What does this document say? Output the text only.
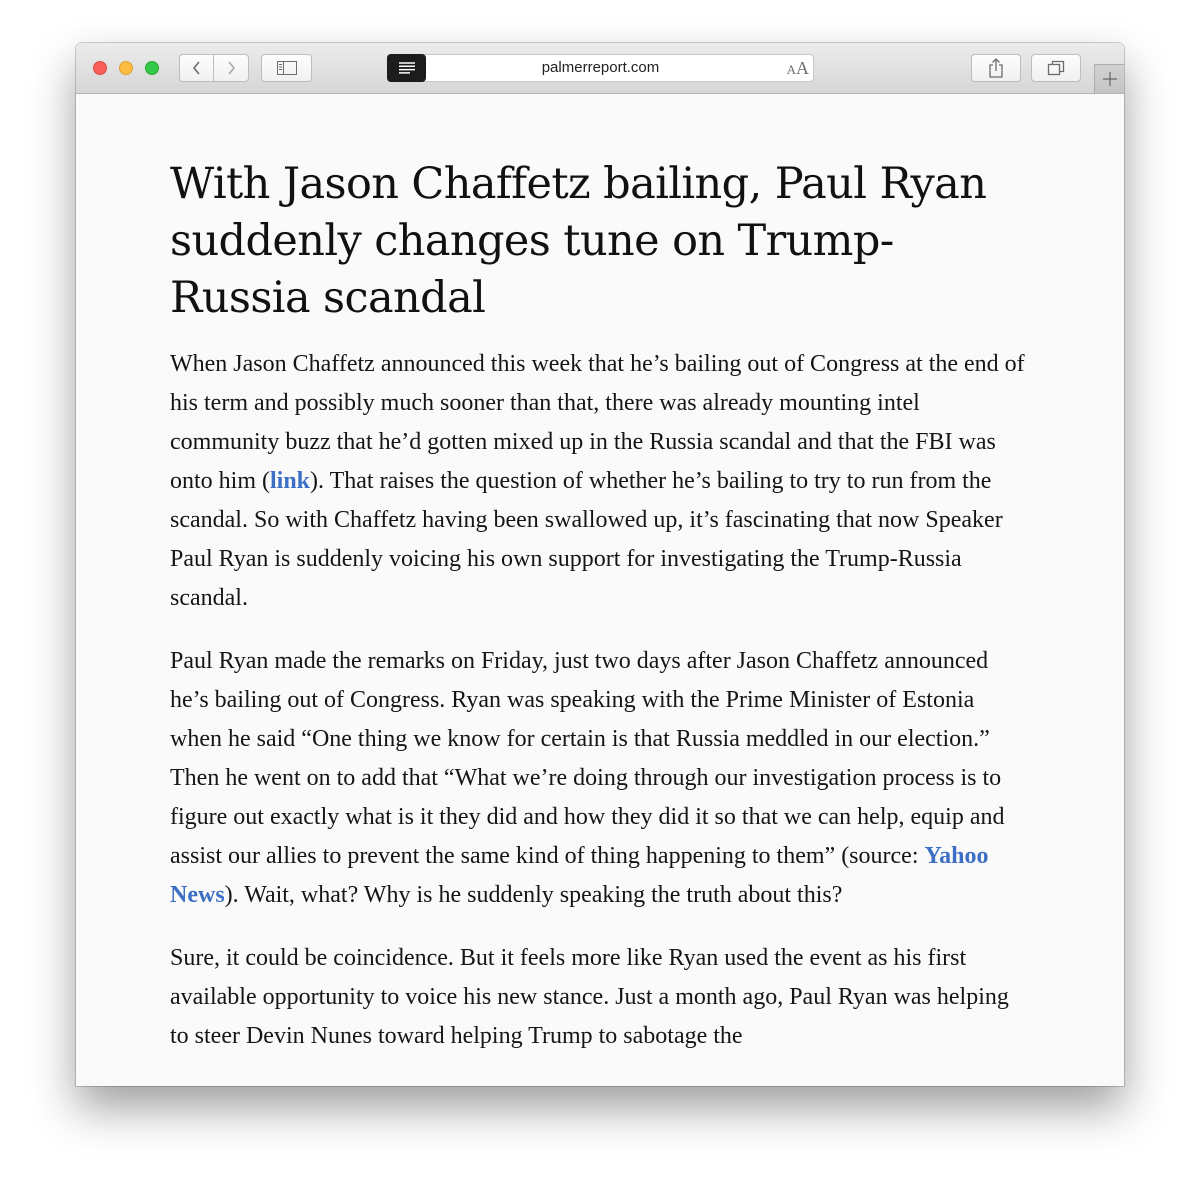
palmerreport.com	AA
With Jason Chaffetz bailing, Paul Ryan suddenly changes tune on Trump-Russia scandal

When Jason Chaffetz announced this week that he’s bailing out of Congress at the end of his term and possibly much sooner than that, there was already mounting intel community buzz that he’d gotten mixed up in the Russia scandal and that the FBI was onto him (link). That raises the question of whether he’s bailing to try to run from the scandal. So with Chaffetz having been swallowed up, it’s fascinating that now Speaker Paul Ryan is suddenly voicing his own support for investigating the Trump-Russia scandal.

Paul Ryan made the remarks on Friday, just two days after Jason Chaffetz announced he’s bailing out of Congress. Ryan was speaking with the Prime Minister of Estonia when he said “One thing we know for certain is that Russia meddled in our election.” Then he went on to add that “What we’re doing through our investigation process is to figure out exactly what is it they did and how they did it so that we can help, equip and assist our allies to prevent the same kind of thing happening to them” (source: Yahoo News). Wait, what? Why is he suddenly speaking the truth about this?

Sure, it could be coincidence. But it feels more like Ryan used the event as his first available opportunity to voice his new stance. Just a month ago, Paul Ryan was helping to steer Devin Nunes toward helping Trump to sabotage the
